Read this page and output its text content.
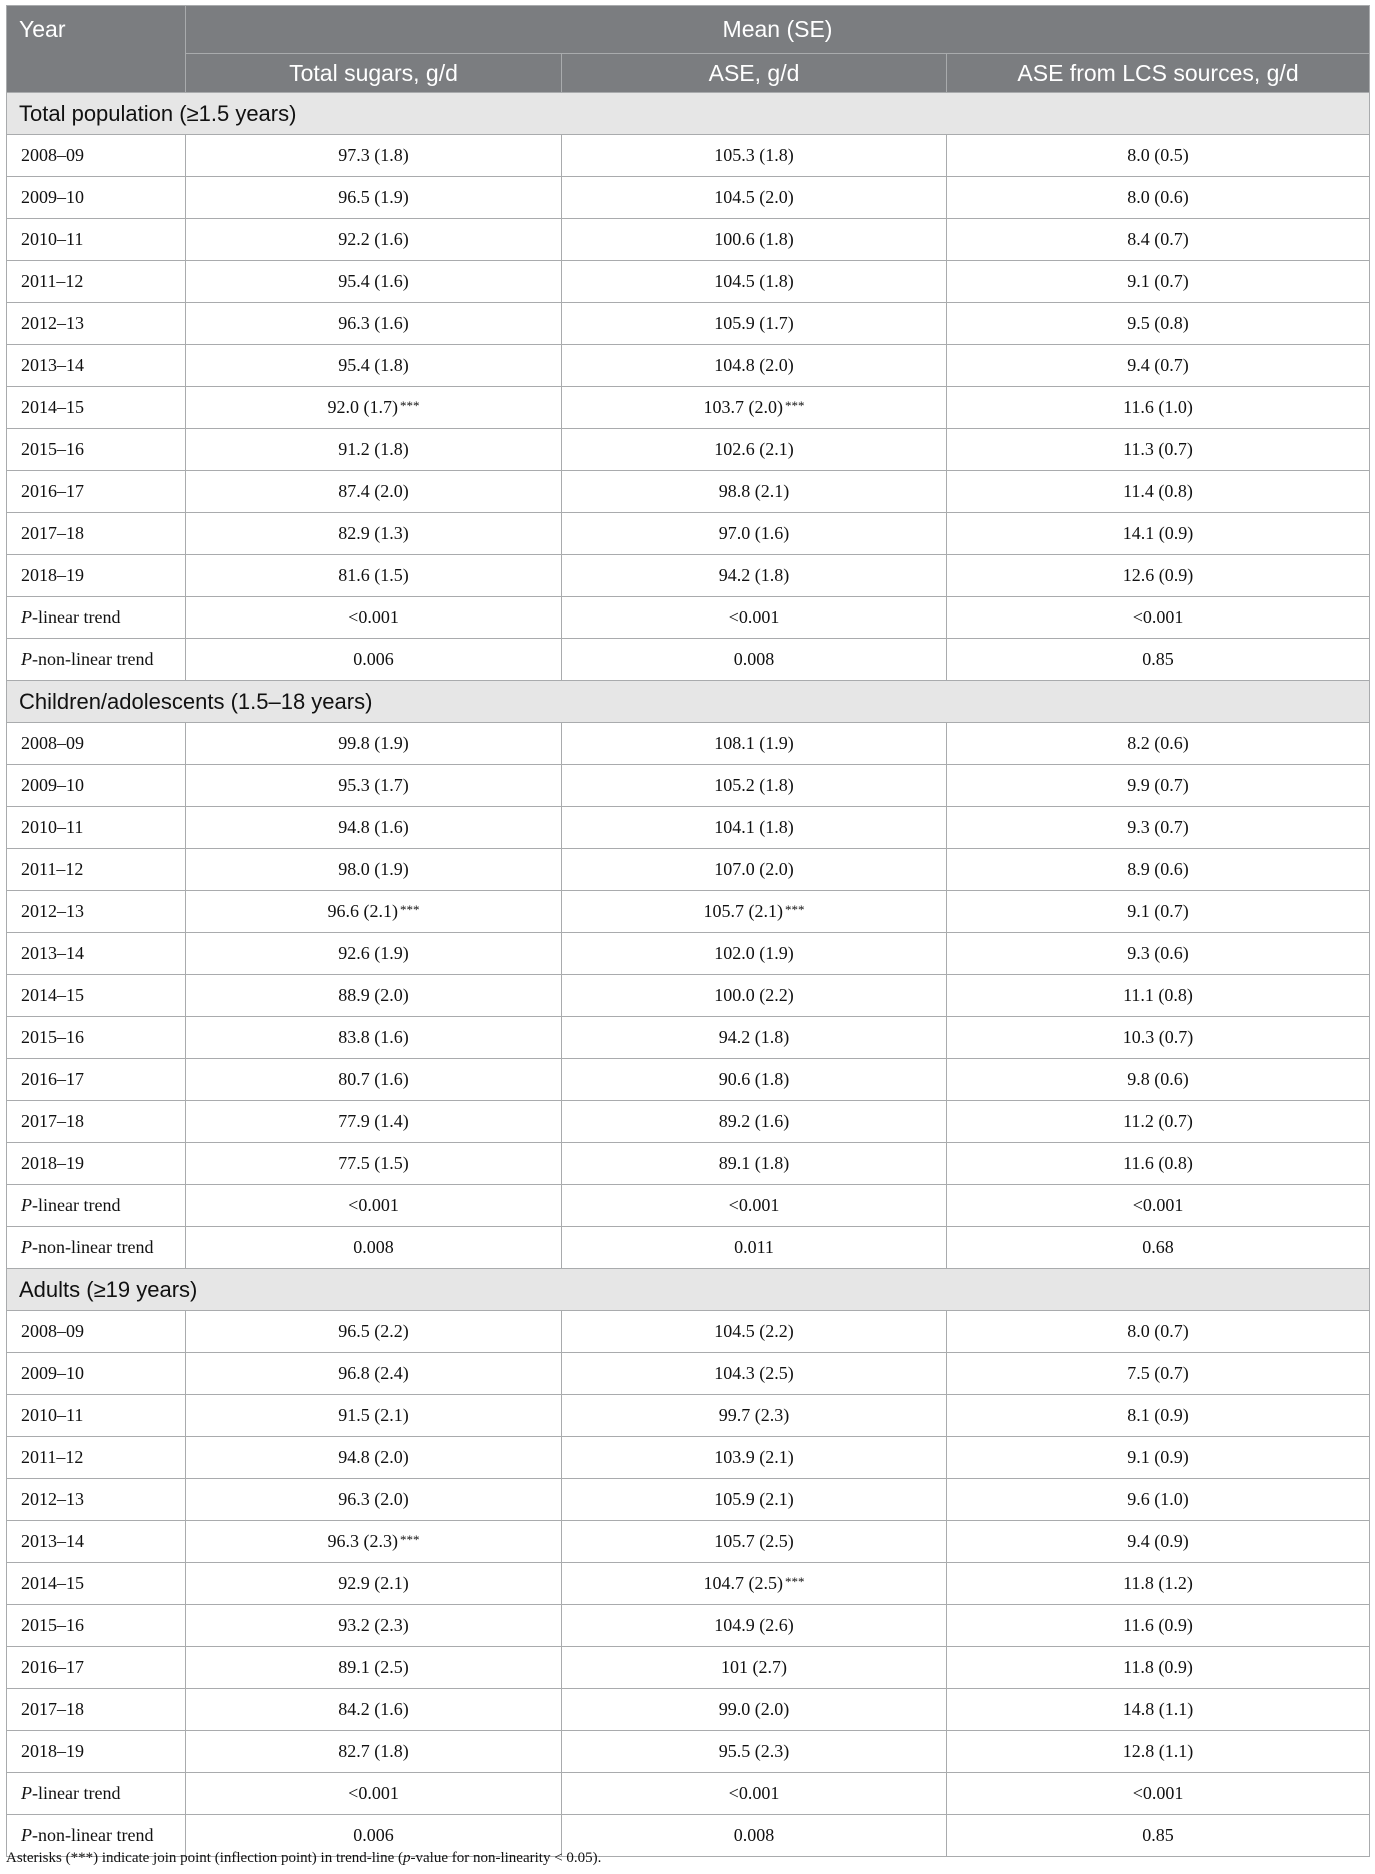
Year	Mean (SE)		
	Total sugars, g/d	ASE, g/d	ASE from LCS sources, g/d
Total population (≥1.5 years)			
2008–09	97.3 (1.8)	105.3 (1.8)	8.0 (0.5)
2009–10	96.5 (1.9)	104.5 (2.0)	8.0 (0.6)
2010–11	92.2 (1.6)	100.6 (1.8)	8.4 (0.7)
2011–12	95.4 (1.6)	104.5 (1.8)	9.1 (0.7)
2012–13	96.3 (1.6)	105.9 (1.7)	9.5 (0.8)
2013–14	95.4 (1.8)	104.8 (2.0)	9.4 (0.7)
2014–15	92.0 (1.7) ***	103.7 (2.0) ***	11.6 (1.0)
2015–16	91.2 (1.8)	102.6 (2.1)	11.3 (0.7)
2016–17	87.4 (2.0)	98.8 (2.1)	11.4 (0.8)
2017–18	82.9 (1.3)	97.0 (1.6)	14.1 (0.9)
2018–19	81.6 (1.5)	94.2 (1.8)	12.6 (0.9)
P-linear trend	<0.001	<0.001	<0.001
P-non-linear trend	0.006	0.008	0.85
Children/adolescents (1.5–18 years)			
2008–09	99.8 (1.9)	108.1 (1.9)	8.2 (0.6)
2009–10	95.3 (1.7)	105.2 (1.8)	9.9 (0.7)
2010–11	94.8 (1.6)	104.1 (1.8)	9.3 (0.7)
2011–12	98.0 (1.9)	107.0 (2.0)	8.9 (0.6)
2012–13	96.6 (2.1) ***	105.7 (2.1) ***	9.1 (0.7)
2013–14	92.6 (1.9)	102.0 (1.9)	9.3 (0.6)
2014–15	88.9 (2.0)	100.0 (2.2)	11.1 (0.8)
2015–16	83.8 (1.6)	94.2 (1.8)	10.3 (0.7)
2016–17	80.7 (1.6)	90.6 (1.8)	9.8 (0.6)
2017–18	77.9 (1.4)	89.2 (1.6)	11.2 (0.7)
2018–19	77.5 (1.5)	89.1 (1.8)	11.6 (0.8)
P-linear trend	<0.001	<0.001	<0.001
P-non-linear trend	0.008	0.011	0.68
Adults (≥19 years)			
2008–09	96.5 (2.2)	104.5 (2.2)	8.0 (0.7)
2009–10	96.8 (2.4)	104.3 (2.5)	7.5 (0.7)
2010–11	91.5 (2.1)	99.7 (2.3)	8.1 (0.9)
2011–12	94.8 (2.0)	103.9 (2.1)	9.1 (0.9)
2012–13	96.3 (2.0)	105.9 (2.1)	9.6 (1.0)
2013–14	96.3 (2.3) ***	105.7 (2.5)	9.4 (0.9)
2014–15	92.9 (2.1)	104.7 (2.5) ***	11.8 (1.2)
2015–16	93.2 (2.3)	104.9 (2.6)	11.6 (0.9)
2016–17	89.1 (2.5)	101 (2.7)	11.8 (0.9)
2017–18	84.2 (1.6)	99.0 (2.0)	14.8 (1.1)
2018–19	82.7 (1.8)	95.5 (2.3)	12.8 (1.1)
P-linear trend	<0.001	<0.001	<0.001
P-non-linear trend	0.006	0.008	0.85
Asterisks (***) indicate join point (inflection point) in trend-line (p-value for non-linearity < 0.05).
